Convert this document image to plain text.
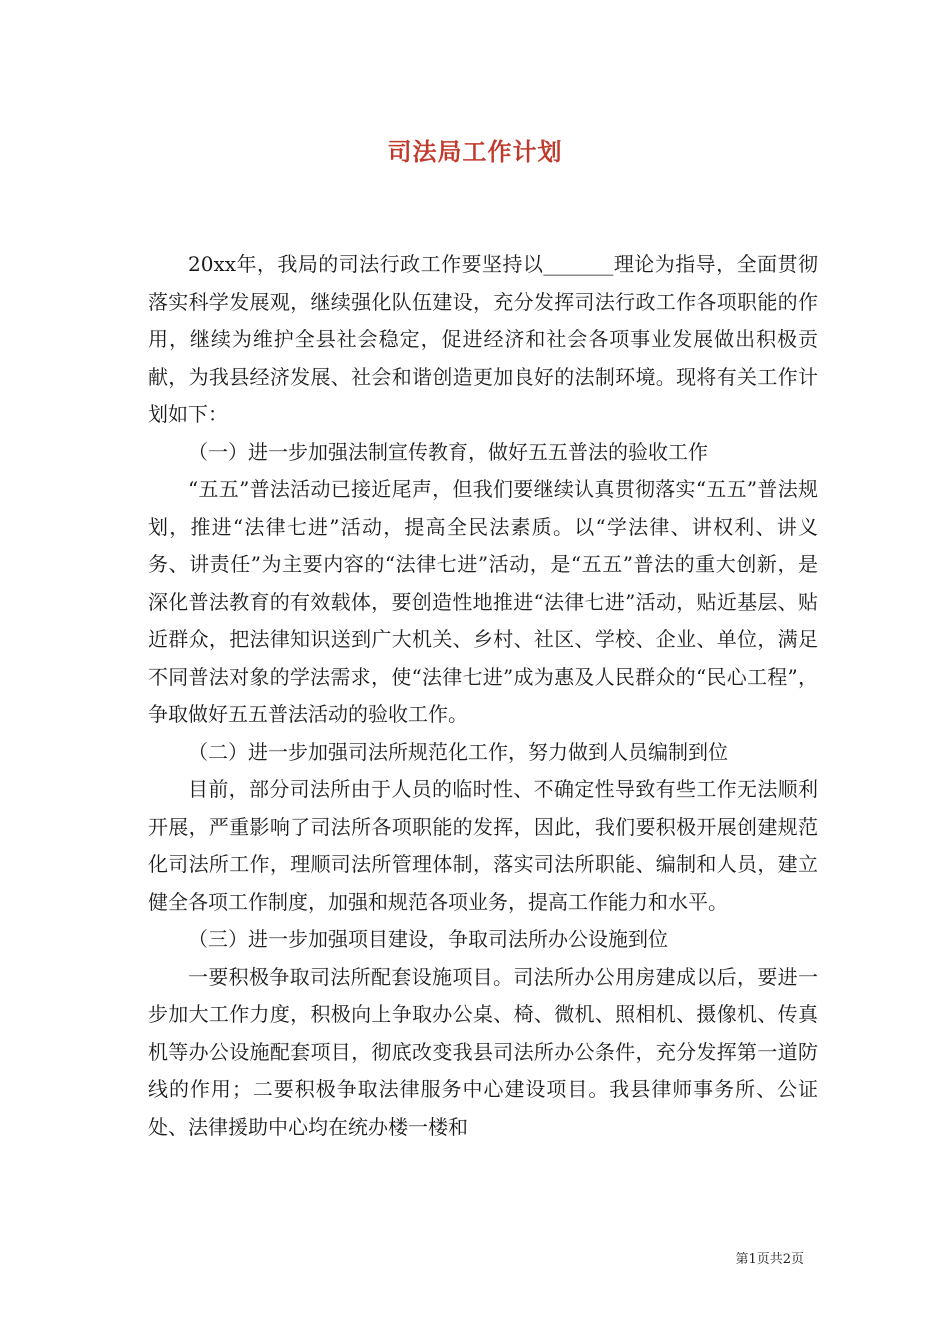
司法局工作计划

20xx年，我局的司法行政工作要坚持以_______理论为指导，全面贯彻落实科学发展观，继续强化队伍建设，充分发挥司法行政工作各项职能的作用，继续为维护全县社会稳定，促进经济和社会各项事业发展做出积极贡献，为我县经济发展、社会和谐创造更加良好的法制环境。现将有关工作计划如下：

（一）进一步加强法制宣传教育，做好五五普法的验收工作

“五五”普法活动已接近尾声，但我们要继续认真贯彻落实“五五”普法规划，推进“法律七进”活动，提高全民法素质。以“学法律、讲权利、讲义务、讲责任”为主要内容的“法律七进”活动，是“五五”普法的重大创新，是深化普法教育的有效载体，要创造性地推进“法律七进”活动，贴近基层、贴近群众，把法律知识送到广大机关、乡村、社区、学校、企业、单位，满足不同普法对象的学法需求，使“法律七进”成为惠及人民群众的“民心工程”，争取做好五五普法活动的验收工作。

（二）进一步加强司法所规范化工作，努力做到人员编制到位

目前，部分司法所由于人员的临时性、不确定性导致有些工作无法顺利开展，严重影响了司法所各项职能的发挥，因此，我们要积极开展创建规范化司法所工作，理顺司法所管理体制，落实司法所职能、编制和人员，建立健全各项工作制度，加强和规范各项业务，提高工作能力和水平。

（三）进一步加强项目建设，争取司法所办公设施到位

一要积极争取司法所配套设施项目。司法所办公用房建成以后，要进一步加大工作力度，积极向上争取办公桌、椅、微机、照相机、摄像机、传真机等办公设施配套项目，彻底改变我县司法所办公条件，充分发挥第一道防线的作用；二要积极争取法律服务中心建设项目。我县律师事务所、公证处、法律援助中心均在统办楼一楼和

第1页共2页
